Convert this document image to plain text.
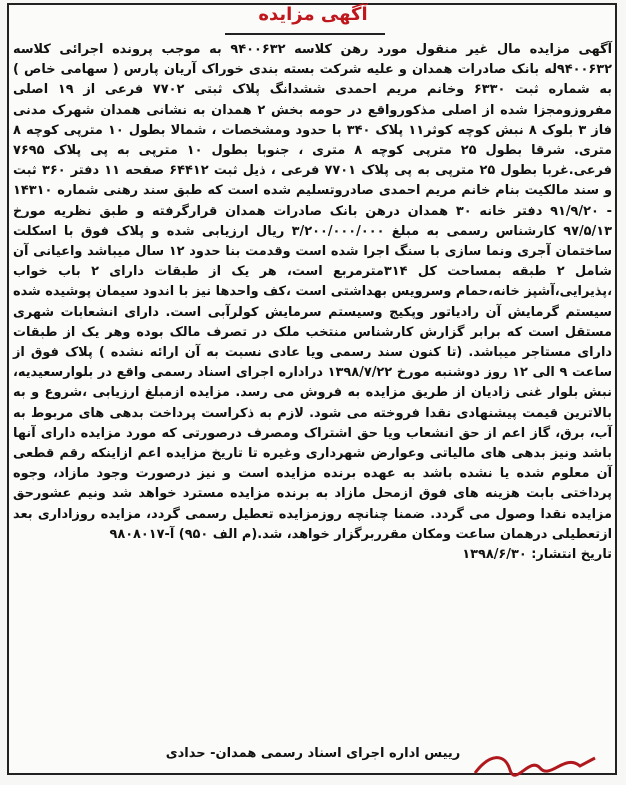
آگهی مزایده

آگهی مزایده مال غیر منقول مورد رهن کلاسه ۹۴۰۰۶۳۲ به موجب پرونده اجرائی کلاسه ۹۴۰۰۶۳۲له بانک صادرات همدان و علیه شرکت بسته بندی خوراک آریان پارس ( سهامی خاص ) به شماره ثبت ۶۳۳۰ وخانم مریم احمدی ششدانگ پلاک ثبتی ۷۷۰۲ فرعی از ۱۹ اصلی مفروزومجزا شده از اصلی مذکورواقع در حومه بخش ۲ همدان به نشانی همدان شهرک مدنی فاز ۳ بلوک ۸ نبش کوچه کوثر۱۱ پلاک ۳۴۰ با حدود ومشخصات ، شمالا بطول ۱۰ مترپی کوچه ۸ متری. شرقا بطول ۲۵ مترپی کوچه ۸ متری ، جنوبا بطول ۱۰ مترپی به پی پلاک ۷۶۹۵ فرعی.غربا بطول ۲۵ مترپی به پی پلاک ۷۷۰۱ فرعی ، ذیل ثبت ۶۴۴۱۲ صفحه ۱۱ دفتر ۳۶۰ ثبت و سند مالکیت بنام خانم مریم احمدی صادروتسلیم شده است که طبق سند رهنی شماره ۱۴۳۱۰ - ۹۱/۹/۲۰ دفتر خانه ۳۰ همدان درهن بانک صادرات همدان قرارگرفته و طبق نظریه مورخ ۹۷/۵/۱۳ کارشناس رسمی به مبلغ ۳/۲۰۰/۰۰۰/۰۰۰ ریال ارزیابی شده و پلاک فوق با اسکلت ساختمان آجری ونما سازی با سنگ اجرا شده است وقدمت بنا حدود ۱۲ سال میباشد واعیانی آن شامل ۲ طبقه بمساحت کل ۳۱۴مترمربع است، هر یک از طبقات دارای ۲ باب خواب ،پذیرایی،آشپز خانه،حمام وسرویس بهداشتی است ،کف واحدها نیز با اندود سیمان پوشیده شده سیستم گرمایش آن رادیاتور وپکیج وسیستم سرمایش کولرآبی است. دارای انشعابات شهری مستقل است که برابر گزارش کارشناس منتخب ملک در تصرف مالک بوده وهر یک از طبقات دارای مستاجر میباشد. (تا کنون سند رسمی ویا عادی نسبت به آن ارائه نشده ) پلاک فوق از ساعت ۹ الی ۱۲ روز دوشنبه مورخ ۱۳۹۸/۷/۲۲ درادارە اجرای اسناد رسمی واقع در بلوارسعیدیه، نبش بلوار غنی زادیان از طریق مزایده به فروش می رسد. مزایده ازمبلغ ارزیابی ،شروع و به بالاترین قیمت پیشنهادی نقدا فروخته می شود. لازم به ذکراست پرداخت بدهی های مربوط به آب، برق، گاز اعم از حق انشعاب ویا حق اشتراک ومصرف درصورتی که مورد مزایده دارای آنها باشد ونیز بدهی های مالیاتی وعوارض شهرداری وغیره تا تاریخ مزایده اعم ازاینکه رقم قطعی آن معلوم شده یا نشده باشد به عهده برنده مزایده است و نیز درصورت وجود مازاد، وجوه پرداختی بابت هزینه های فوق ازمحل مازاد به برنده مزایده مسترد خواهد شد ونیم عشورحق مزایده نقدا وصول می گردد. ضمنا چنانچه روزمزایده تعطیل رسمی گردد، مزایده روزاداری بعد ازتعطیلی درهمان ساعت ومکان مقرربرگزار خواهد، شد.(م الف ۹۵۰) آ-۹۸۰۸۰۱۷

تاریخ انتشار: ۱۳۹۸/۶/۳۰

رییس اداره اجرای اسناد رسمی همدان- حدادی
